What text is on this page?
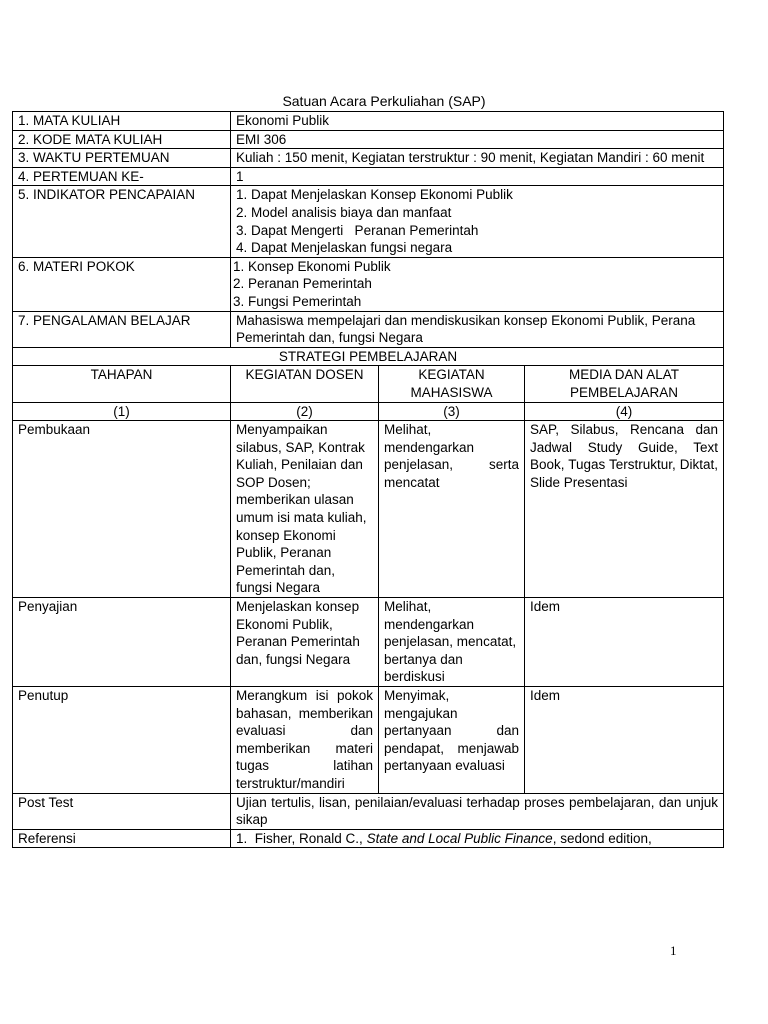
Satuan Acara Perkuliahan (SAP)
1. MATA KULIAH	Ekonomi Publik		
2. KODE MATA KULIAH	EMI 306		
3. WAKTU PERTEMUAN	Kuliah : 150 menit, Kegiatan terstruktur : 90 menit, Kegiatan Mandiri : 60 menit		
4. PERTEMUAN KE-	1		
5. INDIKATOR PENCAPAIAN	1. Dapat Menjelaskan Konsep Ekonomi Publik
2. Model analisis biaya dan manfaat
3. Dapat Mengerti   Peranan Pemerintah
4. Dapat Menjelaskan fungsi negara		

6. MATERI POKOK	1. Konsep Ekonomi Publik
2. Peranan Pemerintah
3. Fungsi Pemerintah		

7. PENGALAMAN BELAJAR	Mahasiswa mempelajari dan mendiskusikan konsep Ekonomi Publik, Perana Pemerintah dan, fungsi Negara		
STRATEGI PEMBELAJARAN			
TAHAPAN	KEGIATAN DOSEN	KEGIATAN MAHASISWA	MEDIA DAN ALAT PEMBELAJARAN
(1)	(2)	(3)	(4)
Pembukaan	Menyampaikan silabus, SAP, Kontrak Kuliah, Penilaian dan SOP Dosen; memberikan ulasan umum isi mata kuliah, konsep Ekonomi Publik, Peranan Pemerintah dan, fungsi Negara	Melihat, mendengarkan penjelasan, serta mencatat	SAP, Silabus, Rencana dan Jadwal Study Guide, Text Book, Tugas Terstruktur, Diktat, Slide Presentasi
Penyajian	Menjelaskan konsep Ekonomi Publik, Peranan Pemerintah dan, fungsi Negara	Melihat, mendengarkan penjelasan, mencatat, bertanya dan berdiskusi	Idem
Penutup	Merangkum isi pokok bahasan, memberikan evaluasi dan memberikan materi tugas latihan terstruktur/mandiri	Menyimak, mengajukan pertanyaan dan pendapat, menjawab pertanyaan evaluasi	Idem
Post Test	Ujian tertulis, lisan, penilaian/evaluasi terhadap proses pembelajaran, dan unjuk sikap		
Referensi	1.  Fisher, Ronald C., State and Local Public Finance, sedond edition,		
1
